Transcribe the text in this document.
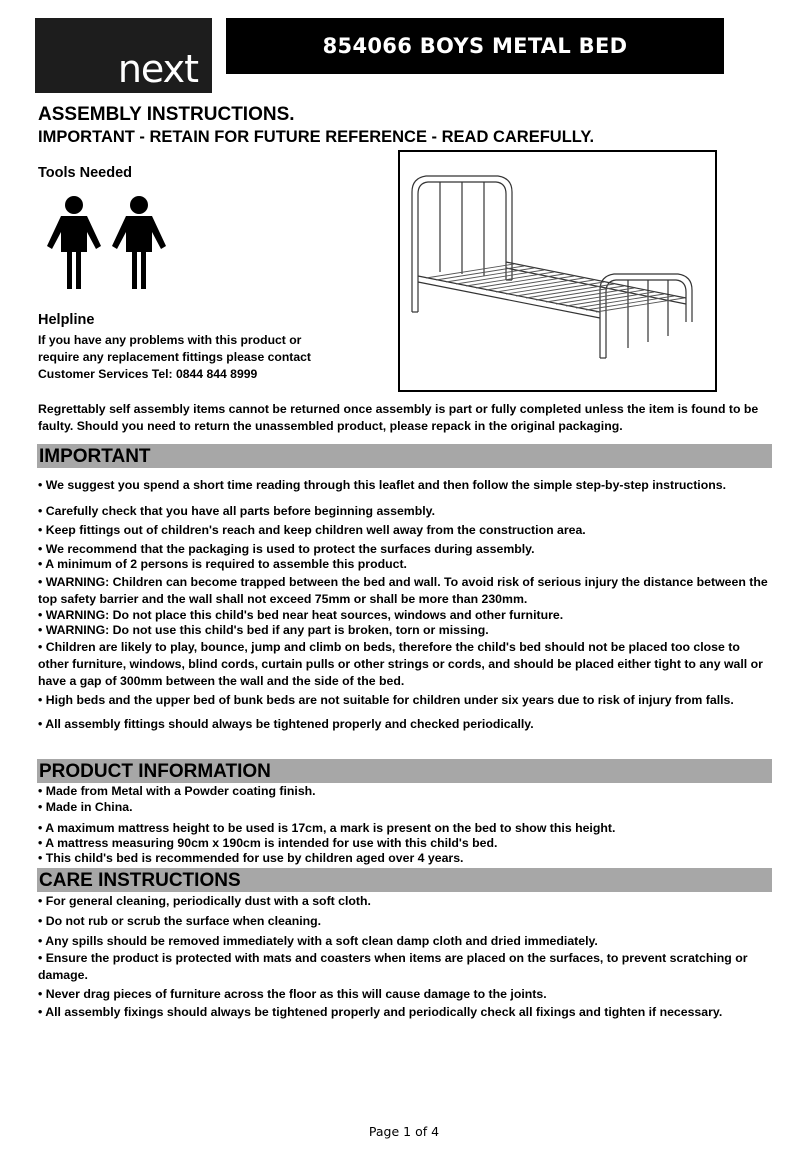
next
854066 BOYS METAL BED
ASSEMBLY INSTRUCTIONS.
IMPORTANT - RETAIN FOR FUTURE REFERENCE - READ CAREFULLY.
Tools Needed
Helpline
If you have any problems with this product or
require any replacement fittings please contact
Customer Services Tel: 0844 844 8999
Regrettably self assembly items cannot be returned once assembly is part or fully completed unless the item is found to be faulty. Should you need to return the unassembled product, please repack in the original packaging.
IMPORTANT
• We suggest you spend a short time reading through this leaflet and then follow the simple step-by-step instructions.
• Carefully check that you have all parts before beginning assembly.
• Keep fittings out of children's reach and keep children well away from the construction area.
• We recommend that the packaging is used to protect the surfaces during assembly.
• A minimum of 2 persons is required to assemble this product.
• WARNING: Children can become trapped between the bed and wall. To avoid risk of serious injury the distance between the top safety barrier and the wall shall not exceed 75mm or shall be more than 230mm.
• WARNING: Do not place this child's bed near heat sources, windows and other furniture.
• WARNING: Do not use this child's bed if any part is broken, torn or missing.
• Children are likely to play, bounce, jump and climb on beds, therefore the child's bed should not be placed too close to other furniture, windows, blind cords, curtain pulls or other strings or cords, and should be placed either tight to any wall or have a gap of 300mm between the wall and the side of the bed.
• High beds and the upper bed of bunk beds are not suitable for children under six years due to risk of injury from falls.
• All assembly fittings should always be tightened properly and checked periodically.
PRODUCT INFORMATION
• Made from Metal with a Powder coating finish.
• Made in China.
• A maximum mattress height to be used is 17cm, a mark is present on the bed to show this height.
• A mattress measuring 90cm x 190cm is intended for use with this child's bed.
• This child's bed is recommended for use by children aged over 4 years.
CARE INSTRUCTIONS
• For general cleaning, periodically dust with a soft cloth.
• Do not rub or scrub the surface when cleaning.
• Any spills should be removed immediately with a soft clean damp cloth and dried immediately.
• Ensure the product is protected with mats and coasters when items are placed on the surfaces, to prevent scratching or damage.
• Never drag pieces of furniture across the floor as this will cause damage to the joints.
• All assembly fixings should always be tightened properly and periodically check all fixings and tighten if necessary.
Page 1 of 4
